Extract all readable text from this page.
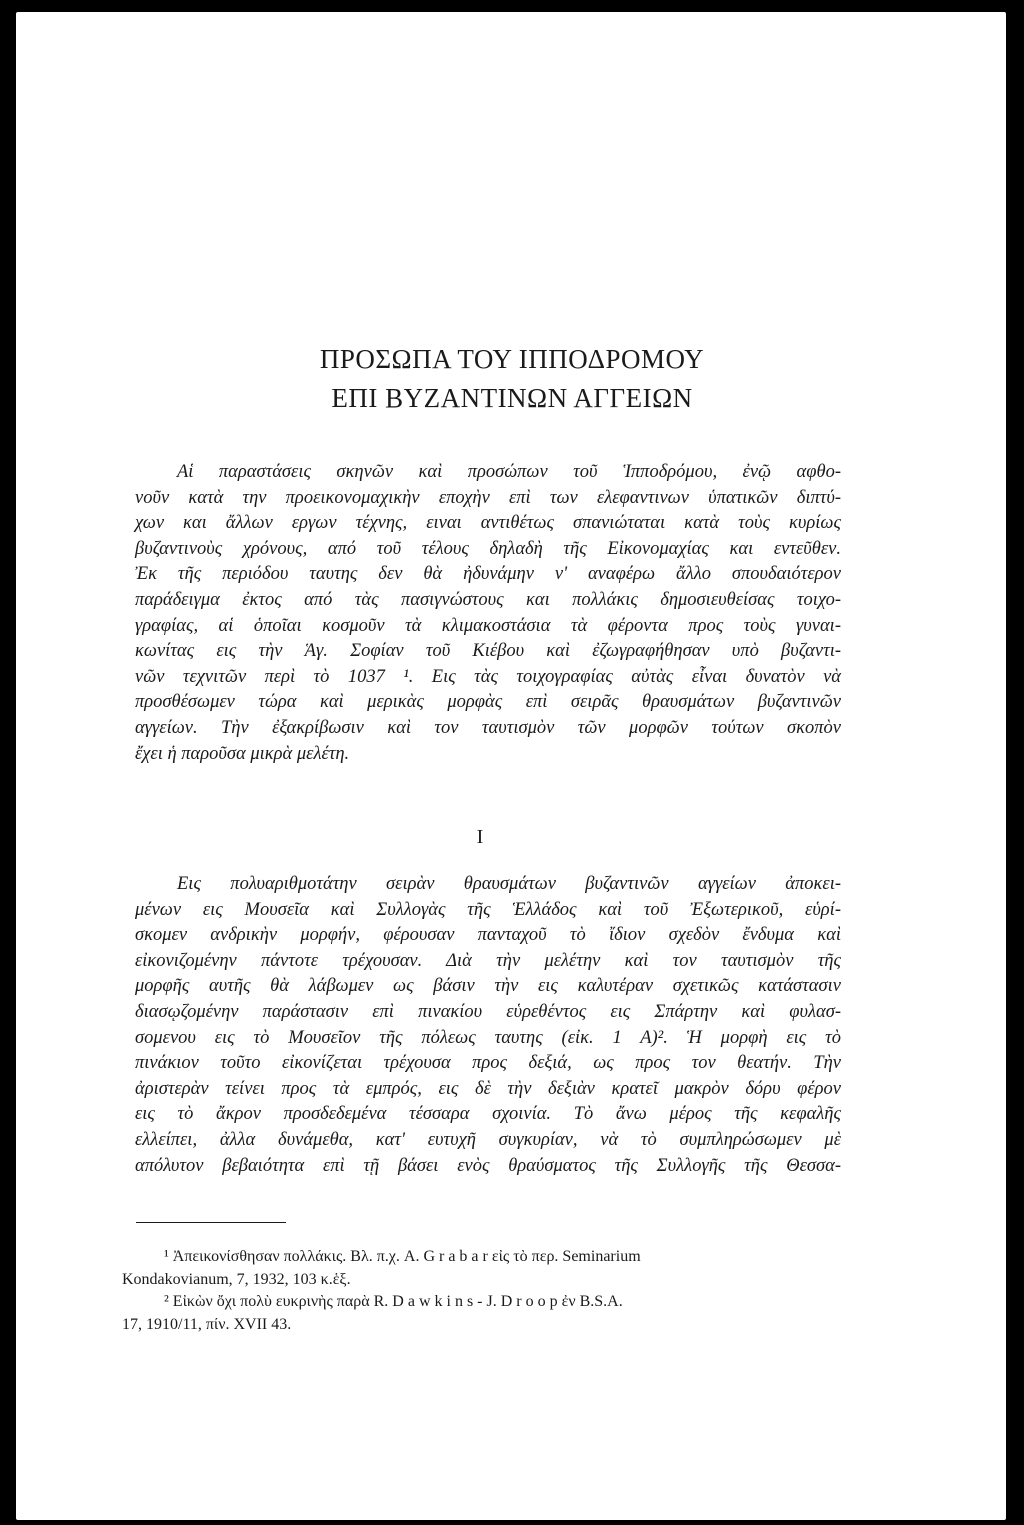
ΠΡΟΣΩΠΑ ΤΟΥ ΙΠΠΟΔΡΟΜΟΥ
ΕΠΙ ΒΥΖΑΝΤΙΝΩΝ ΑΓΓΕΙΩΝ
Αἱ παραστάσεις σκηνῶν καὶ προσώπων τοῦ Ἱπποδρόμου, ἐνῷ αφθο-
νοῦν κατὰ την προεικονομαχικὴν εποχὴν επὶ των ελεφαντινων ὑπατικῶν διπτύ-
χων και ἄλλων εργων τέχνης, ειναι αντιθέτως σπανιώταται κατὰ τοὺς κυρίως
βυζαντινοὺς χρόνους, από τοῦ τέλους δηλαδὴ τῆς Εἰκονομαχίας και εντεῦθεν.
Ἐκ τῆς περιόδου ταυτης δεν θὰ ἠδυνάμην ν' αναφέρω ἄλλο σπουδαιότερον
παράδειγμα ἐκτος από τὰς πασιγνώστους και πολλάκις δημοσιευθείσας τοιχο-
γραφίας, αἱ ὁποῖαι κοσμοῦν τὰ κλιμακοστάσια τὰ φέροντα προς τοὺς γυναι-
κωνίτας εις τὴν Ἁγ. Σοφίαν τοῦ Κιέβου καὶ ἐζωγραφήθησαν υπὸ βυζαντι-
νῶν τεχνιτῶν περὶ τὸ 1037 ¹. Εις τὰς τοιχογραφίας αὐτὰς εἶναι δυνατὸν νὰ
προσθέσωμεν τώρα καὶ μερικὰς μορφὰς επὶ σειρᾶς θραυσμάτων βυζαντινῶν
αγγείων. Τὴν ἐξακρίβωσιν καὶ τον ταυτισμὸν τῶν μορφῶν τούτων σκοπὸν
ἔχει ἡ παροῦσα μικρὰ μελέτη.
I
Εις πολυαριθμοτάτην σειρὰν θραυσμάτων βυζαντινῶν αγγείων ἀποκει-
μένων εις Μουσεῖα καὶ Συλλογὰς τῆς Ἑλλάδος καὶ τοῦ Ἐξωτερικοῦ, εὑρί-
σκομεν ανδρικὴν μορφήν, φέρουσαν πανταχοῦ τὸ ἴδιον σχεδὸν ἔνδυμα καὶ
εἰκονιζομένην πάντοτε τρέχουσαν. Διὰ τὴν μελέτην καὶ τον ταυτισμὸν τῆς
μορφῆς αυτῆς θὰ λάβωμεν ως βάσιν τὴν εις καλυτέραν σχετικῶς κατάστασιν
διασῳζομένην παράστασιν επὶ πινακίου εὑρεθέντος εις Σπάρτην καὶ φυλασ-
σομενου εις τὸ Μουσεῖον τῆς πόλεως ταυτης (εἰκ. 1 Α)². Ἡ μορφὴ εις τὸ
πινάκιον τοῦτο εἰκονίζεται τρέχουσα προς δεξιά, ως προς τον θεατήν. Τὴν
ἀριστερὰν τείνει προς τὰ εμπρός, εις δὲ τὴν δεξιὰν κρατεῖ μακρὸν δόρυ φέρον
εις τὸ ἄκρον προσδεδεμένα τέσσαρα σχοινία. Τὸ ἄνω μέρος τῆς κεφαλῆς
ελλείπει, ἀλλα δυνάμεθα, κατ' ευτυχῆ συγκυρίαν, νὰ τὸ συμπληρώσωμεν μὲ
απόλυτον βεβαιότητα επὶ τῇ βάσει ενὸς θραύσματος τῆς Συλλογῆς τῆς Θεσσα-
¹ Ἀπεικονίσθησαν πολλάκις. Βλ. π.χ. A. G r a b a r εἰς τὸ περ. Seminarium
Kondakovianum, 7, 1932, 103 κ.ἑξ.
² Εἰκὼν ὄχι πολὺ ευκρινὴς παρὰ R. D a w k i n s - J. D r o o p ἐν B.S.A.
17, 1910/11, πίν. XVII 43.
